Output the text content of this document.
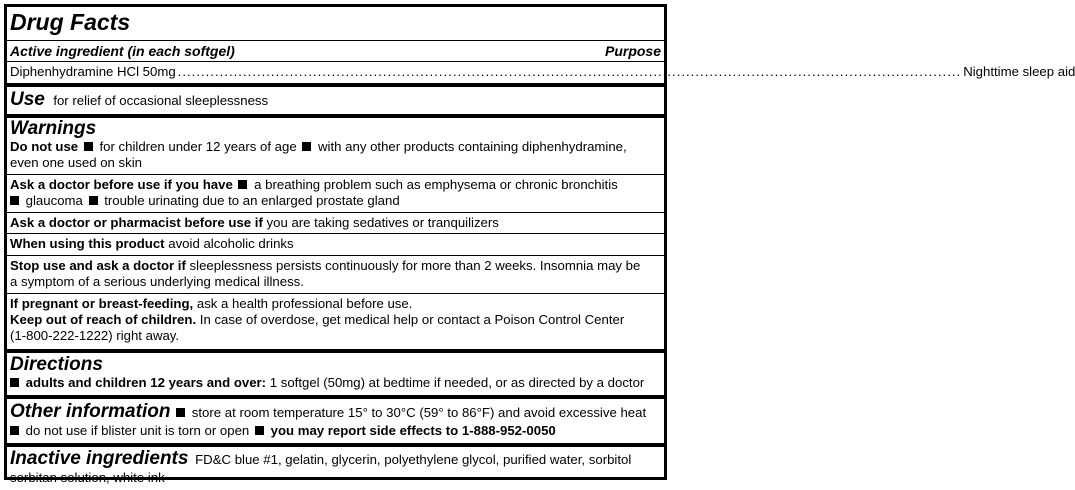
Drug Facts
Active ingredient (in each softgel)	Purpose
Diphenhydramine HCl 50mg ........................................................................................................................................................................ Nighttime sleep aid
Use for relief of occasional sleeplessness
Warnings
Do not use for children under 12 years of age with any other products containing diphenhydramine,
even one used on skin
Ask a doctor before use if you have a breathing problem such as emphysema or chronic bronchitis
glaucoma trouble urinating due to an enlarged prostate gland
Ask a doctor or pharmacist before use if you are taking sedatives or tranquilizers
When using this product avoid alcoholic drinks
Stop use and ask a doctor if sleeplessness persists continuously for more than 2 weeks. Insomnia may be
a symptom of a serious underlying medical illness.
If pregnant or breast-feeding, ask a health professional before use.
Keep out of reach of children. In case of overdose, get medical help or contact a Poison Control Center
(1-800-222-1222) right away.
Directions
adults and children 12 years and over: 1 softgel (50mg) at bedtime if needed, or as directed by a doctor
Other information store at room temperature 15° to 30°C (59° to 86°F) and avoid excessive heat
do not use if blister unit is torn or open you may report side effects to 1-888-952-0050
Inactive ingredients FD&C blue #1, gelatin, glycerin, polyethylene glycol, purified water, sorbitol
sorbitan solution, white ink
